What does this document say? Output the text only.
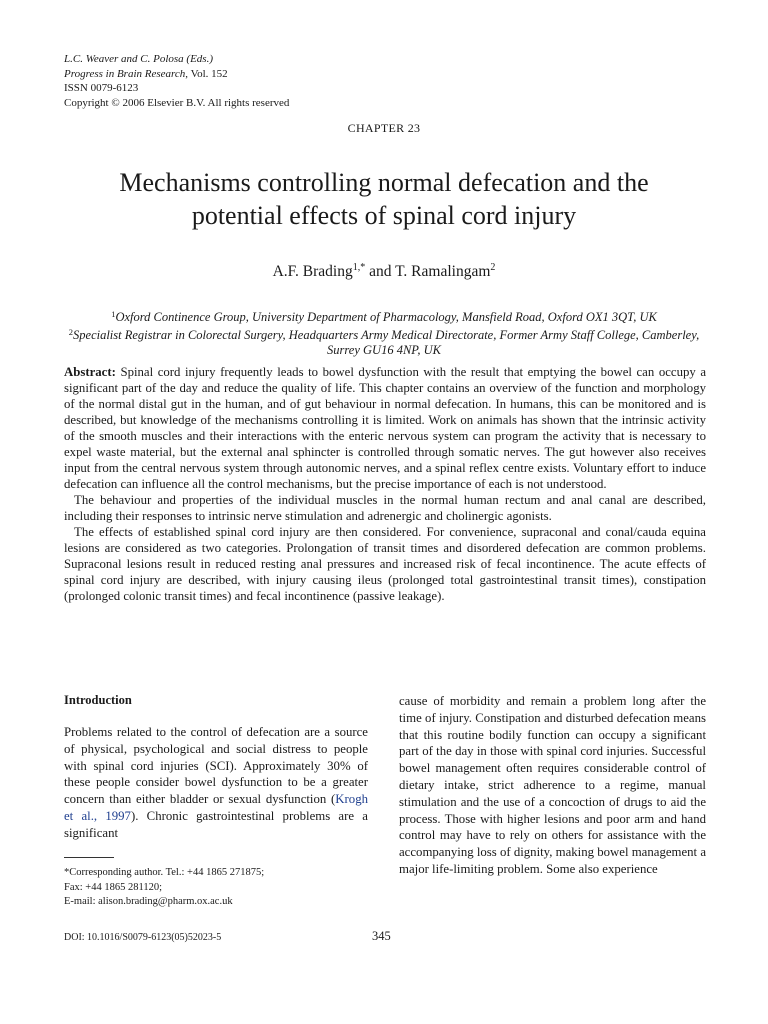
L.C. Weaver and C. Polosa (Eds.)
Progress in Brain Research, Vol. 152
ISSN 0079-6123
Copyright © 2006 Elsevier B.V. All rights reserved
CHAPTER 23
Mechanisms controlling normal defecation and the
potential effects of spinal cord injury
A.F. Brading$^{1,*}$ and T. Ramalingam$^2$
$^1$Oxford Continence Group, University Department of Pharmacology, Mansfield Road, Oxford OX1 3QT, UK
$^2$Specialist Registrar in Colorectal Surgery, Headquarters Army Medical Directorate, Former Army Staff College, Camberley, Surrey GU16 4NP, UK

Abstract: Spinal cord injury frequently leads to bowel dysfunction with the result that emptying the bowel can occupy a significant part of the day and reduce the quality of life. This chapter contains an overview of the function and morphology of the normal distal gut in the human, and of gut behaviour in normal defecation. In humans, this can be monitored and is described, but knowledge of the mechanisms controlling it is limited. Work on animals has shown that the intrinsic activity of the smooth muscles and their interactions with the enteric nervous system can program the activity that is necessary to expel waste material, but the external anal sphincter is controlled through somatic nerves. The gut however also receives input from the central nervous system through autonomic nerves, and a spinal reflex centre exists. Voluntary effort to induce defecation can influence all the control mechanisms, but the precise importance of each is not understood.

The behaviour and properties of the individual muscles in the normal human rectum and anal canal are described, including their responses to intrinsic nerve stimulation and adrenergic and cholinergic agonists.

The effects of established spinal cord injury are then considered. For convenience, supraconal and conal/cauda equina lesions are considered as two categories. Prolongation of transit times and disordered defecation are common problems. Supraconal lesions result in reduced resting anal pressures and increased risk of fecal incontinence. The acute effects of spinal cord injury are described, with injury causing ileus (prolonged total gastrointestinal transit times), constipation (prolonged colonic transit times) and fecal incontinence (passive leakage).

Introduction

Problems related to the control of defecation are a source of physical, psychological and social distress to people with spinal cord injuries (SCI). Approximately 30% of these people consider bowel dysfunction to be a greater concern than either bladder or sexual dysfunction (Krogh et al., 1997). Chronic gastrointestinal problems are a significant

cause of morbidity and remain a problem long after the time of injury. Constipation and disturbed defecation means that this routine bodily function can occupy a significant part of the day in those with spinal cord injuries. Successful bowel management often requires considerable control of dietary intake, strict adherence to a regime, manual stimulation and the use of a concoction of drugs to aid the process. Those with higher lesions and poor arm and hand control may have to rely on others for assistance with the accompanying loss of dignity, making bowel management a major life-limiting problem. Some also experience

*Corresponding author. Tel.: +44 1865 271875;
Fax: +44 1865 281120;
E-mail: alison.brading@pharm.ox.ac.uk
DOI: 10.1016/S0079-6123(05)52023-5	345
